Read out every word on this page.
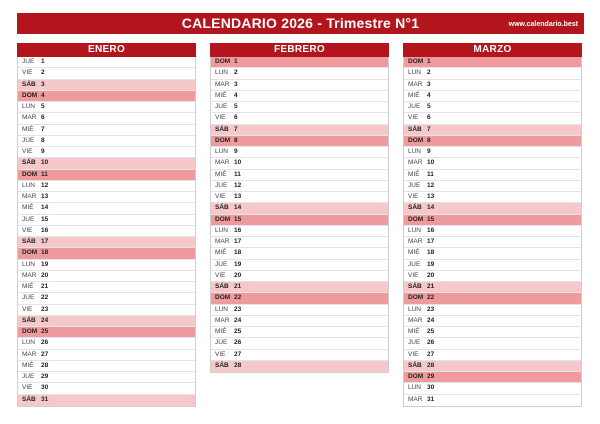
CALENDARIO 2026 - Trimestre N°1	www.calendario.best
ENERO
JUE 1
VIE 2
SÁB 3
DOM 4
LUN 5
MAR 6
MIÉ 7
JUE 8
VIE 9
SÁB 10
DOM 11
LUN 12
MAR 13
MIÉ 14
JUE 15
VIE 16
SÁB 17
DOM 18
LUN 19
MAR 20
MIÉ 21
JUE 22
VIE 23
SÁB 24
DOM 25
LUN 26
MAR 27
MIÉ 28
JUE 29
VIE 30
SÁB 31
FEBRERO
DOM 1
LUN 2
MAR 3
MIÉ 4
JUE 5
VIE 6
SÁB 7
DOM 8
LUN 9
MAR 10
MIÉ 11
JUE 12
VIE 13
SÁB 14
DOM 15
LUN 16
MAR 17
MIÉ 18
JUE 19
VIE 20
SÁB 21
DOM 22
LUN 23
MAR 24
MIÉ 25
JUE 26
VIE 27
SÁB 28
MARZO
DOM 1
LUN 2
MAR 3
MIÉ 4
JUE 5
VIE 6
SÁB 7
DOM 8
LUN 9
MAR 10
MIÉ 11
JUE 12
VIE 13
SÁB 14
DOM 15
LUN 16
MAR 17
MIÉ 18
JUE 19
VIE 20
SÁB 21
DOM 22
LUN 23
MAR 24
MIÉ 25
JUE 26
VIE 27
SÁB 28
DOM 29
LUN 30
MAR 31
